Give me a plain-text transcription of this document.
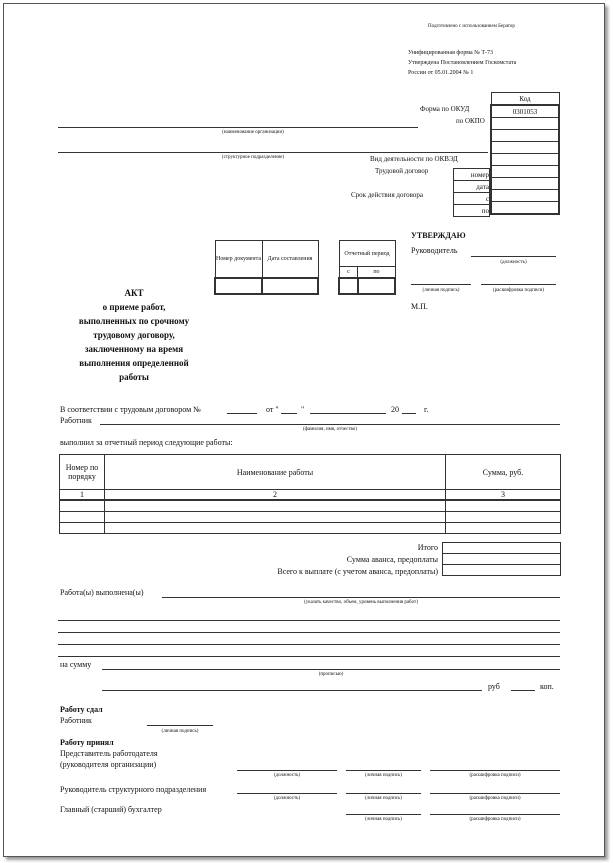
Подготовлено с использованием Бератор
Унифицированная форма № Т-73
Утверждена Постановлением Госкомстата
России от 05.01.2004 № 1
Код
0301053

Форма по ОКУД
по ОКПО
Вид деятельности по ОКВЭД
Трудовой договор
Срок действия договора
номер
дата
с
по
(наименование организации)
(структурное подразделение)
УТВЕРЖДАЮ
Руководитель
(должность)
(личная подпись)	(расшифровка подписи)
М.П.
Номер документа	Дата составления		Отчетный период	
			с	по

АКТ
о приеме работ,
выполненных по срочному
трудовому договору,
заключенному на время
выполнения определенной
работы
В соответствии с трудовым договором №	от "	"	20	г.
Работник
(фамилия, имя, отчество)
выполнил за отчетный период следующие работы:
Номер по порядку	Наименование работы	Сумма, руб.
1	2	3

Итого
Сумма аванса, предоплаты
Всего к выплате (с учетом аванса, предоплаты)
Работа(ы) выполнена(ы)
(указать качество, объем, уровень выполнения работ)
на сумму
(прописью)
руб	коп.
Работу сдал
Работник
(личная подпись)
Работу принял
Представитель работодателя
(руководителя организации)
(должность)	(личная подпись)	(расшифровка подписи)
Руководитель структурного подразделения
(должность)	(личная подпись)	(расшифровка подписи)
Главный (старший) бухгалтер
(личная подпись)	(расшифровка подписи)
